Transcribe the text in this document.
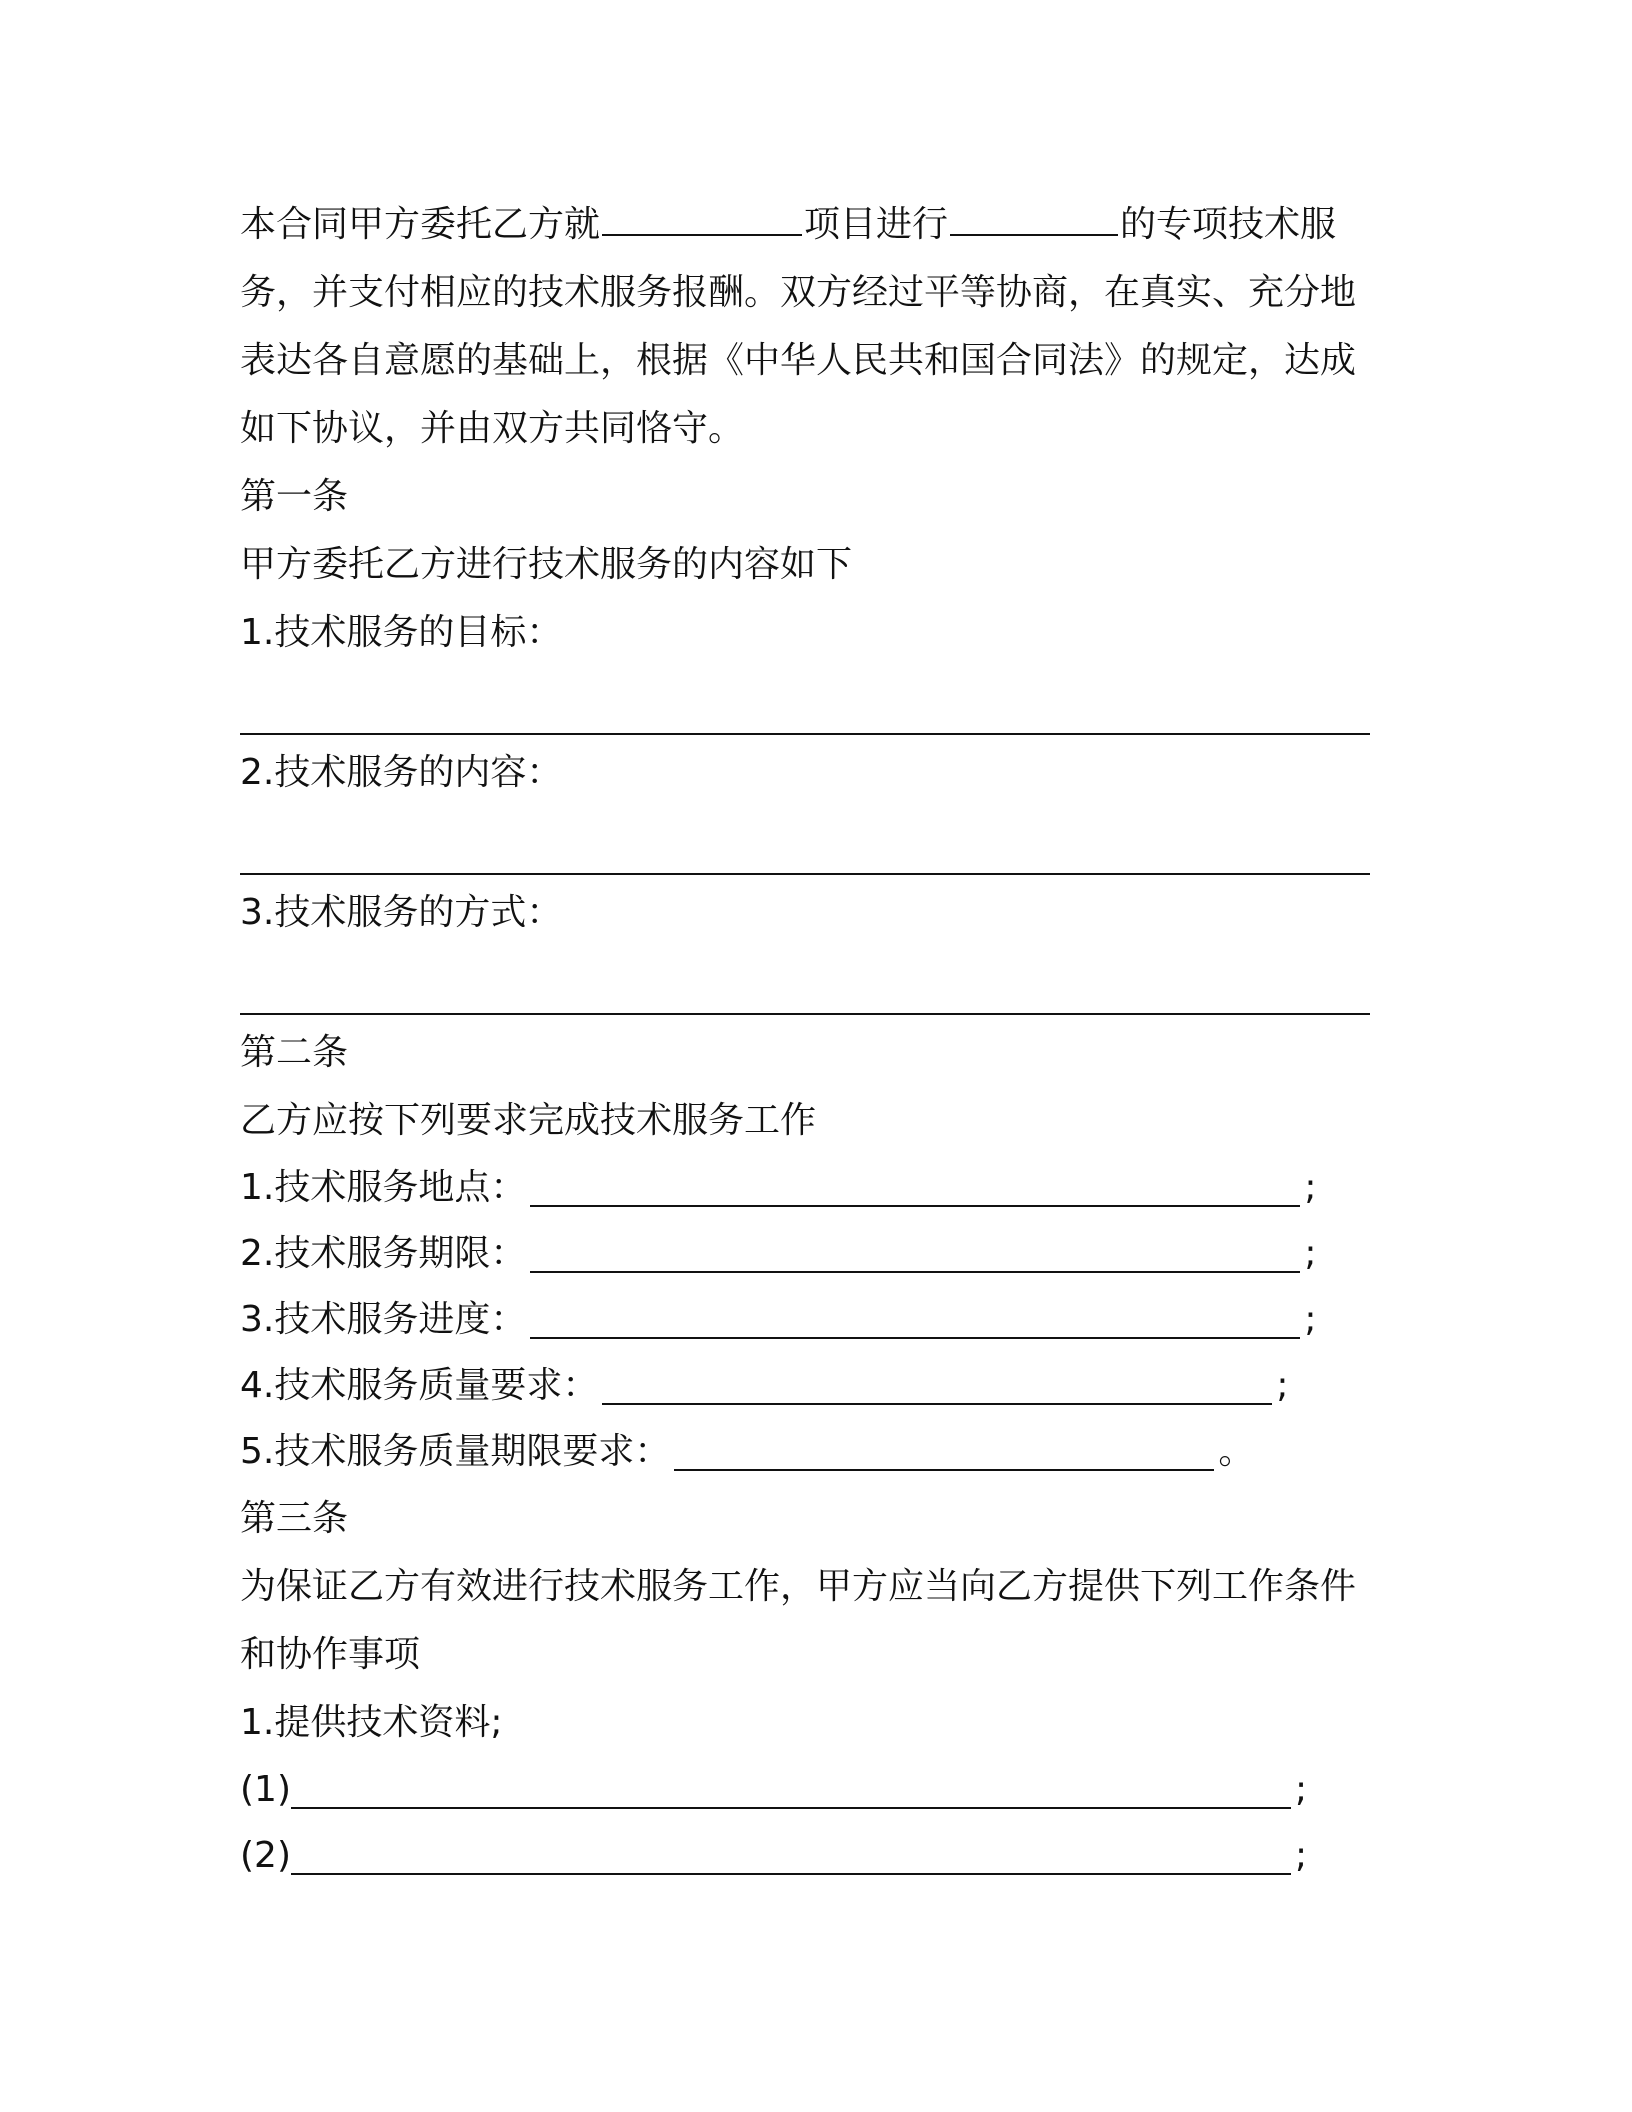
本合同甲方委托乙方就	项目进行	的专项技术服务，并支付相应的技术服务报酬。双方经过平等协商，在真实、充分地表达各自意愿的基础上，根据《中华人民共和国合同法》的规定，达成如下协议，并由双方共同恪守。

第一条

甲方委托乙方进行技术服务的内容如下

1.技术服务的目标：

2.技术服务的内容：

3.技术服务的方式：

第二条

乙方应按下列要求完成技术服务工作

1.技术服务地点：	;
2.技术服务期限：	;
3.技术服务进度：	;
4.技术服务质量要求：	;
5.技术服务质量期限要求：	。

第三条

为保证乙方有效进行技术服务工作，甲方应当向乙方提供下列工作条件和协作事项

1.提供技术资料;

(1)	;
(2)	;
